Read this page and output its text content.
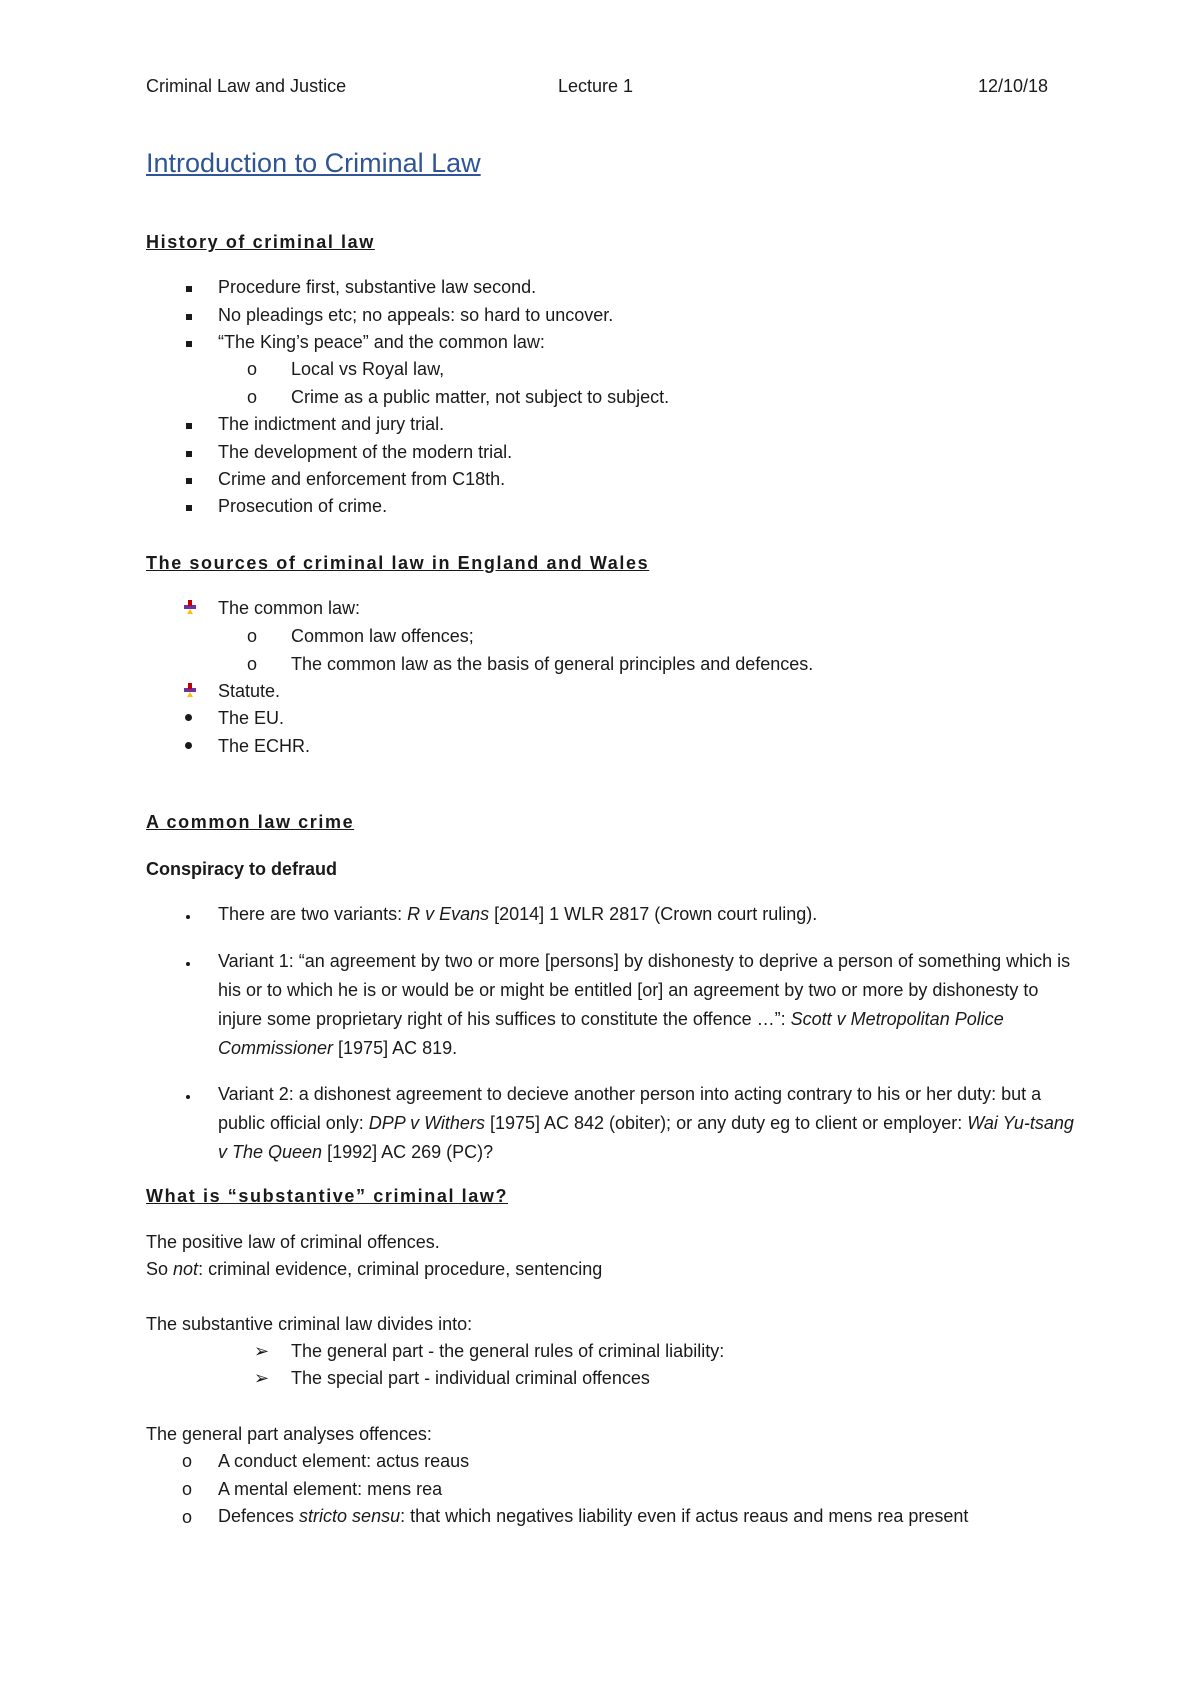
Criminal Law and Justice	Lecture 1	12/10/18
Introduction to Criminal Law
History of criminal law
Procedure first, substantive law second.
No pleadings etc; no appeals: so hard to uncover.
“The King’s peace” and the common law:
o Local vs Royal law,
o Crime as a public matter, not subject to subject.
The indictment and jury trial.
The development of the modern trial.
Crime and enforcement from C18th.
Prosecution of crime.
The sources of criminal law in England and Wales
The common law:
o Common law offences;
o The common law as the basis of general principles and defences.
Statute.
The EU.
The ECHR.
A common law crime
Conspiracy to defraud
There are two variants: R v Evans [2014] 1 WLR 2817 (Crown court ruling).
Variant 1: “an agreement by two or more [persons] by dishonesty to deprive a person of something which is his or to which he is or would be or might be entitled [or] an agreement by two or more by dishonesty to injure some proprietary right of his suffices to constitute the offence …”: Scott v Metropolitan Police Commissioner [1975] AC 819.
Variant 2: a dishonest agreement to decieve another person into acting contrary to his or her duty: but a public official only: DPP v Withers [1975] AC 842 (obiter); or any duty eg to client or employer: Wai Yu-tsang v The Queen [1992] AC 269 (PC)?
What is “substantive” criminal law?
The positive law of criminal offences.
So not: criminal evidence, criminal procedure, sentencing
The substantive criminal law divides into:
➢ The general part - the general rules of criminal liability:
➢ The special part - individual criminal offences
The general part analyses offences:
o A conduct element: actus reaus
o A mental element: mens rea
o Defences stricto sensu: that which negatives liability even if actus reaus and mens rea present
